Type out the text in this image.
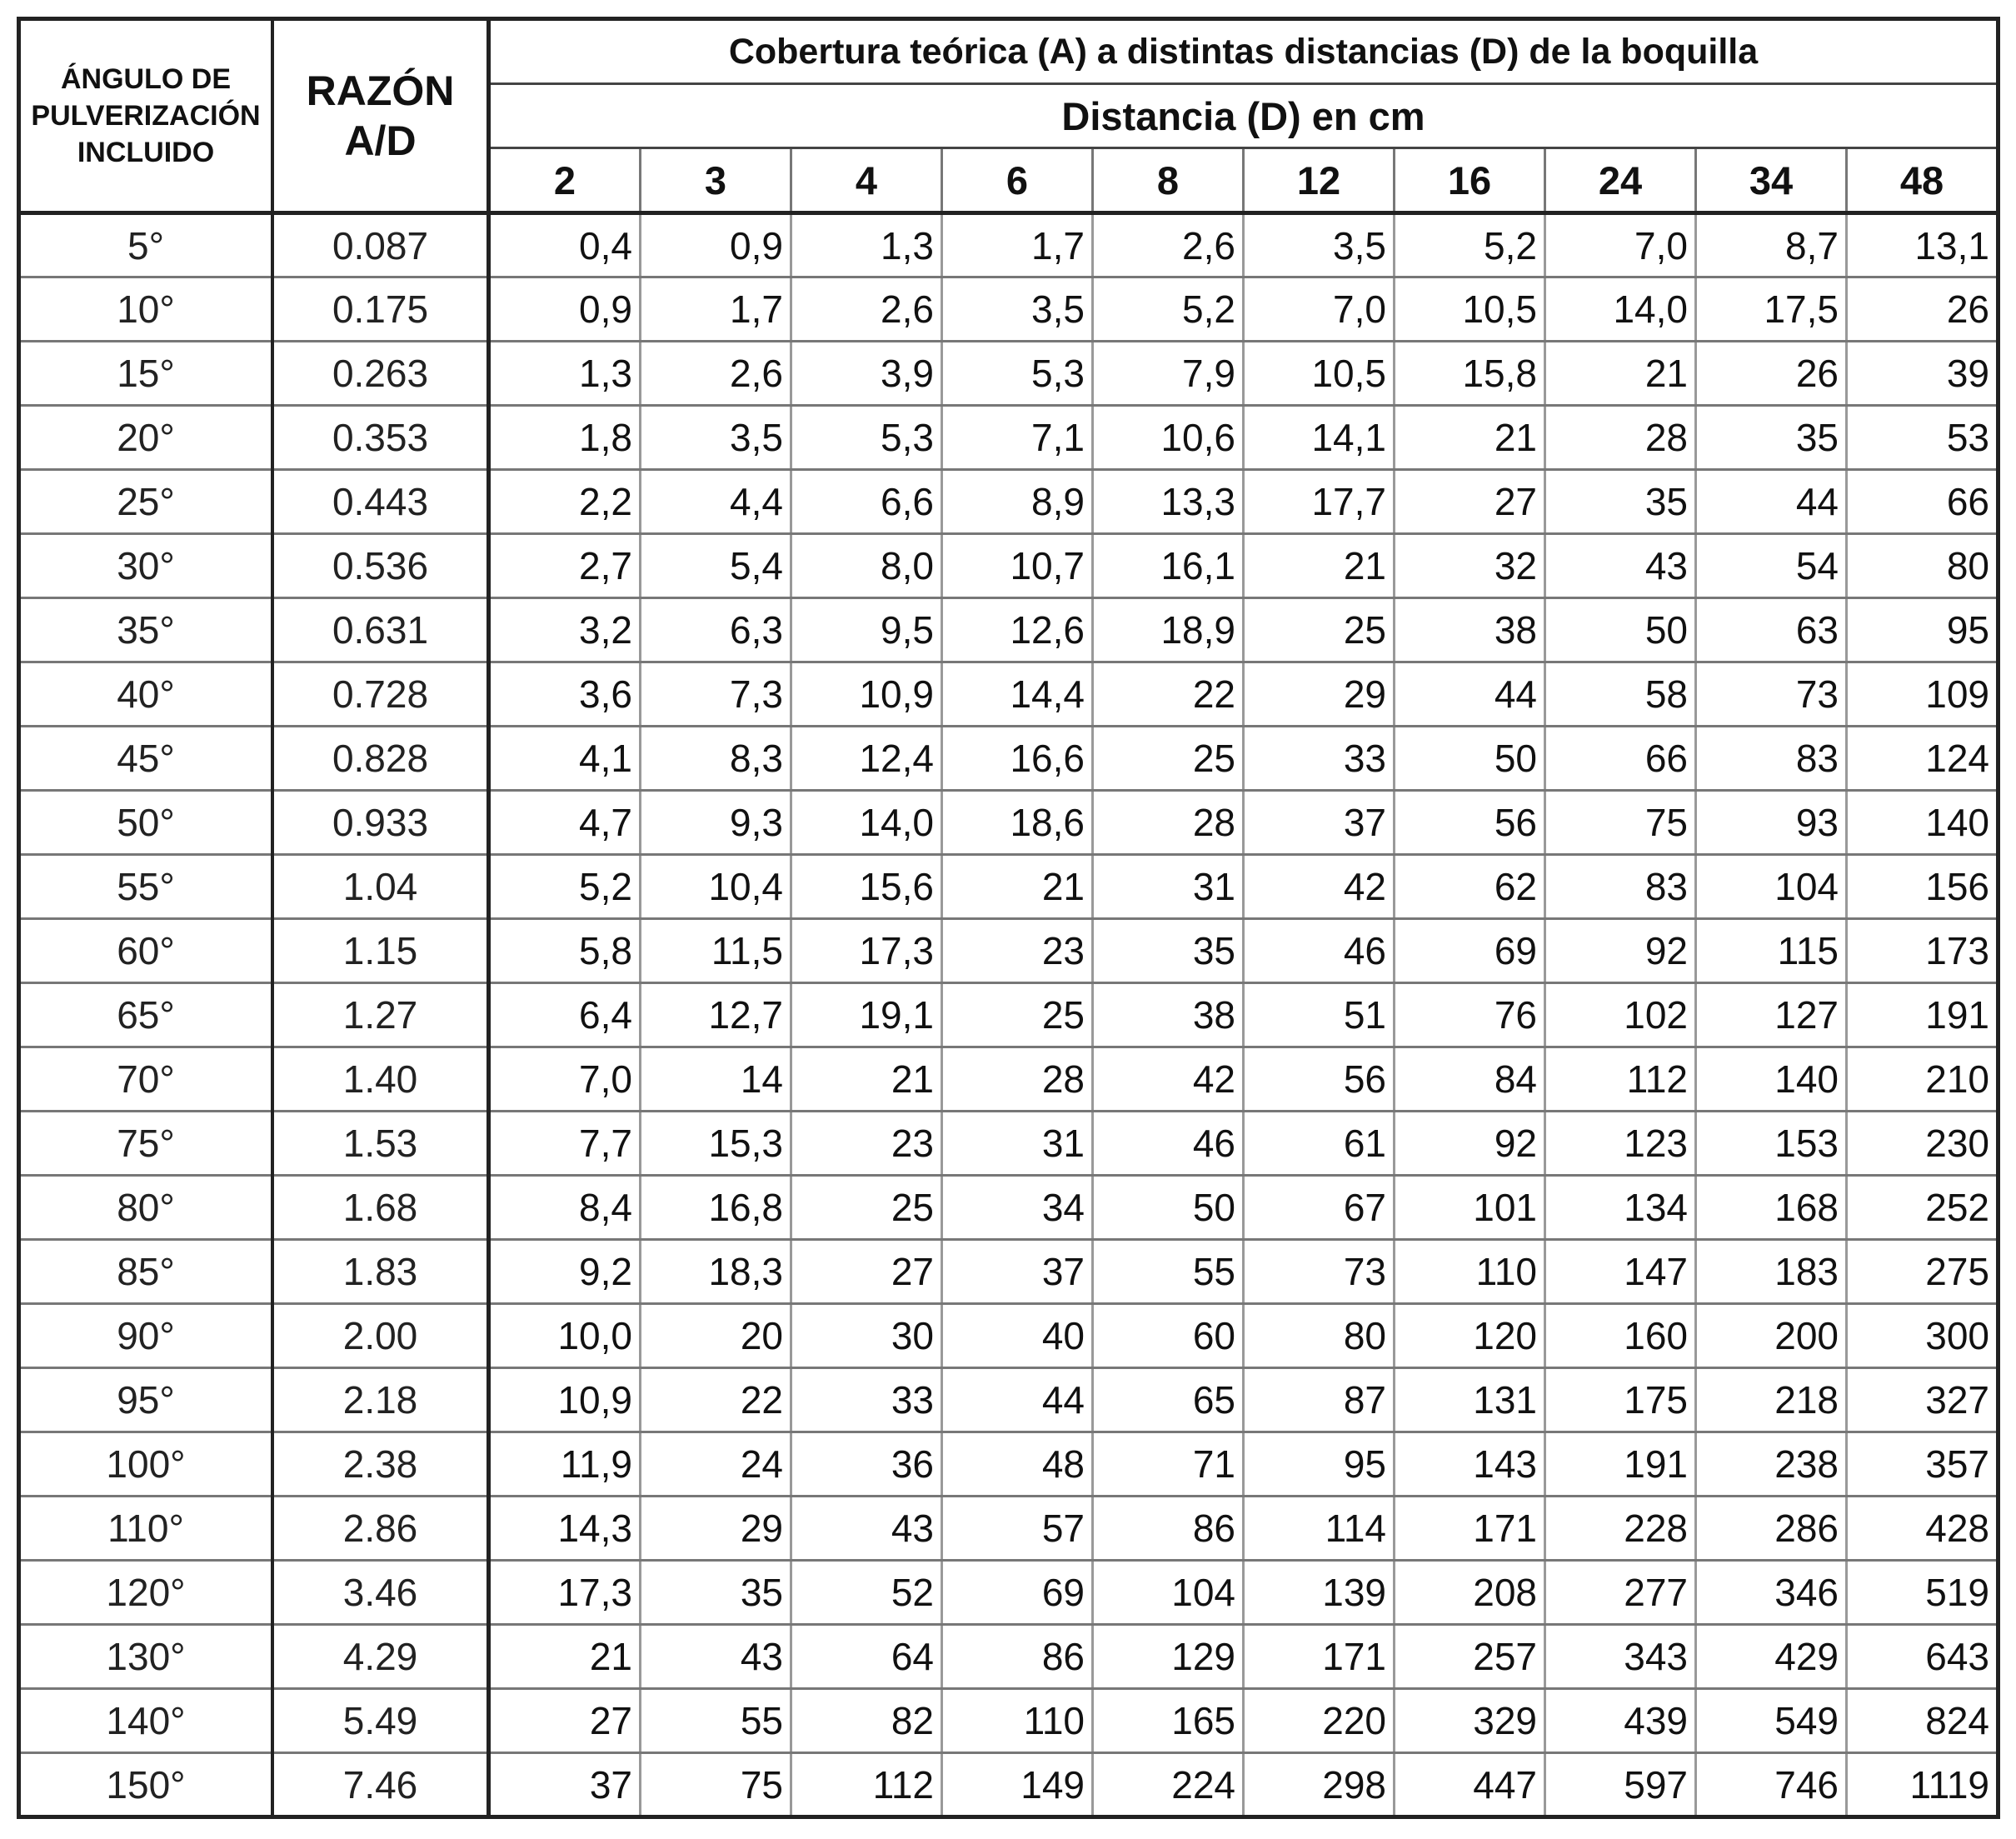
ÁNGULO DE PULVERIZACIÓN INCLUIDO	RAZÓN A/D	Cobertura teórica (A) a distintas distancias (D) de la boquilla									
		Distancia (D) en cm									
		2	3	4	6	8	12	16	24	34	48
5°	0.087	0,4	0,9	1,3	1,7	2,6	3,5	5,2	7,0	8,7	13,1
10°	0.175	0,9	1,7	2,6	3,5	5,2	7,0	10,5	14,0	17,5	26
15°	0.263	1,3	2,6	3,9	5,3	7,9	10,5	15,8	21	26	39
20°	0.353	1,8	3,5	5,3	7,1	10,6	14,1	21	28	35	53
25°	0.443	2,2	4,4	6,6	8,9	13,3	17,7	27	35	44	66
30°	0.536	2,7	5,4	8,0	10,7	16,1	21	32	43	54	80
35°	0.631	3,2	6,3	9,5	12,6	18,9	25	38	50	63	95
40°	0.728	3,6	7,3	10,9	14,4	22	29	44	58	73	109
45°	0.828	4,1	8,3	12,4	16,6	25	33	50	66	83	124
50°	0.933	4,7	9,3	14,0	18,6	28	37	56	75	93	140
55°	1.04	5,2	10,4	15,6	21	31	42	62	83	104	156
60°	1.15	5,8	11,5	17,3	23	35	46	69	92	115	173
65°	1.27	6,4	12,7	19,1	25	38	51	76	102	127	191
70°	1.40	7,0	14	21	28	42	56	84	112	140	210
75°	1.53	7,7	15,3	23	31	46	61	92	123	153	230
80°	1.68	8,4	16,8	25	34	50	67	101	134	168	252
85°	1.83	9,2	18,3	27	37	55	73	110	147	183	275
90°	2.00	10,0	20	30	40	60	80	120	160	200	300
95°	2.18	10,9	22	33	44	65	87	131	175	218	327
100°	2.38	11,9	24	36	48	71	95	143	191	238	357
110°	2.86	14,3	29	43	57	86	114	171	228	286	428
120°	3.46	17,3	35	52	69	104	139	208	277	346	519
130°	4.29	21	43	64	86	129	171	257	343	429	643
140°	5.49	27	55	82	110	165	220	329	439	549	824
150°	7.46	37	75	112	149	224	298	447	597	746	1119
